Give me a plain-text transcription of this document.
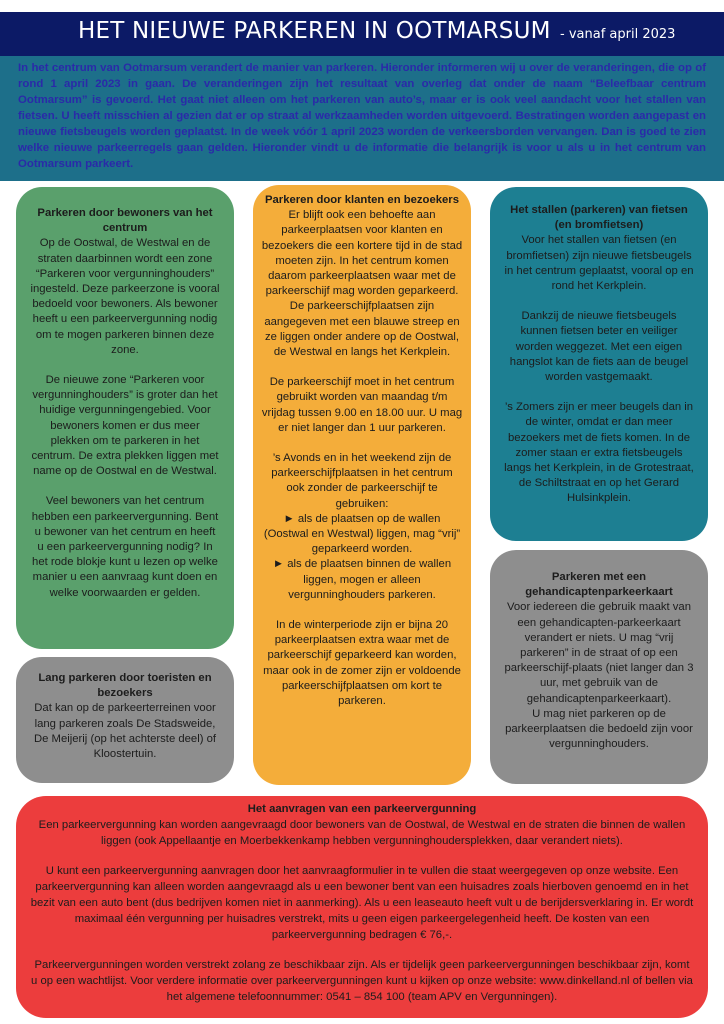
HET NIEUWE PARKEREN IN OOTMARSUM - vanaf april 2023
In het centrum van Ootmarsum verandert de manier van parkeren. Hieronder informeren wij u over de veranderingen, die op of rond 1 april 2023 in gaan. De veranderingen zijn het resultaat van overleg dat onder de naam “Beleefbaar centrum Ootmarsum” is gevoerd. Het gaat niet alleen om het parkeren van auto’s, maar er is ook veel aandacht voor het stallen van fietsen. U heeft misschien al gezien dat er op straat al werkzaamheden worden uitgevoerd. Bestratingen worden aangepast en nieuwe fietsbeugels worden geplaatst. In de week vóór 1 april 2023 worden de verkeersborden vervangen. Dan is goed te zien welke nieuwe parkeerregels gaan gelden. Hieronder vindt u de informatie die belangrijk is voor u als u in het centrum van Ootmarsum parkeert.
Parkeren door bewoners van het centrum

Op de Oostwal, de Westwal en de straten daarbinnen wordt een zone “Parkeren voor vergunninghouders” ingesteld. Deze parkeerzone is vooral bedoeld voor bewoners. Als bewoner heeft u een parkeervergunning nodig om te mogen parkeren binnen deze zone.

De nieuwe zone “Parkeren voor vergunninghouders” is groter dan het huidige vergunningengebied. Voor bewoners komen er dus meer plekken om te parkeren in het centrum. De extra plekken liggen met name op de Oostwal en de Westwal.

Veel bewoners van het centrum hebben een parkeervergunning. Bent u bewoner van het centrum en heeft u een parkeervergunning nodig? In het rode blokje kunt u lezen op welke manier u een aanvraag kunt doen en welke voorwaarden er gelden.

Lang parkeren door toeristen en bezoekers

Dat kan op de parkeerterreinen voor lang parkeren zoals De Stadsweide, De Meijerij (op het achterste deel) of Kloostertuin.

Parkeren door klanten en bezoekers

Er blijft ook een behoefte aan parkeerplaatsen voor klanten en bezoekers die een kortere tijd in de stad moeten zijn. In het centrum komen daarom parkeerplaatsen waar met de parkeerschijf mag worden geparkeerd. De parkeerschijfplaatsen zijn aangegeven met een blauwe streep en ze liggen onder andere op de Oostwal, de Westwal en langs het Kerkplein.

De parkeerschijf moet in het centrum gebruikt worden van maandag t/m vrijdag tussen 9.00 en 18.00 uur. U mag er niet langer dan 1 uur parkeren.

’s Avonds en in het weekend zijn de parkeerschijfplaatsen in het centrum ook zonder de parkeerschijf te gebruiken:

► als de plaatsen op de wallen (Oostwal en Westwal) liggen, mag “vrij” geparkeerd worden.

► als de plaatsen binnen de wallen liggen, mogen er alleen vergunninghouders parkeren.

In de winterperiode zijn er bijna 20 parkeerplaatsen extra waar met de parkeerschijf geparkeerd kan worden, maar ook in de zomer zijn er voldoende parkeerschijfplaatsen om kort te parkeren.

Het stallen (parkeren) van fietsen (en bromfietsen)

Voor het stallen van fietsen (en bromfietsen) zijn nieuwe fietsbeugels in het centrum geplaatst, vooral op en rond het Kerkplein.

Dankzij de nieuwe fietsbeugels kunnen fietsen beter en veiliger worden weggezet. Met een eigen hangslot kan de fiets aan de beugel worden vastgemaakt.

’s Zomers zijn er meer beugels dan in de winter, omdat er dan meer bezoekers met de fiets komen. In de zomer staan er extra fietsbeugels langs het Kerkplein, in de Grotestraat, de Schiltstraat en op het Gerard Hulsinkplein.

Parkeren met een gehandicaptenparkeerkaart

Voor iedereen die gebruik maakt van een gehandicapten-parkeerkaart verandert er niets. U mag “vrij parkeren” in de straat of op een parkeerschijf-plaats (niet langer dan 3 uur, met gebruik van de gehandicaptenparkeerkaart).

U mag niet parkeren op de parkeerplaatsen die bedoeld zijn voor vergunninghouders.

Het aanvragen van een parkeervergunning

Een parkeervergunning kan worden aangevraagd door bewoners van de Oostwal, de Westwal en de straten die binnen de wallen liggen (ook Appellaantje en Moerbekkenkamp hebben vergunninghoudersplekken, daar verandert niets).

U kunt een parkeervergunning aanvragen door het aanvraagformulier in te vullen die staat weergegeven op onze website. Een parkeervergunning kan alleen worden aangevraagd als u een bewoner bent van een huisadres zoals hierboven genoemd en in het bezit van een auto bent (dus bedrijven komen niet in aanmerking). Als u een leaseauto heeft vult u de berijdersverklaring in. Er wordt maximaal één vergunning per huisadres verstrekt, mits u geen eigen parkeergelegenheid heeft. De kosten van een parkeervergunning bedragen € 76,-.

Parkeervergunningen worden verstrekt zolang ze beschikbaar zijn. Als er tijdelijk geen parkeervergunningen beschikbaar zijn, komt u op een wachtlijst. Voor verdere informatie over parkeervergunningen kunt u kijken op onze website: www.dinkelland.nl of bellen via het algemene telefoonnummer: 0541 – 854 100 (team APV en Vergunningen).
